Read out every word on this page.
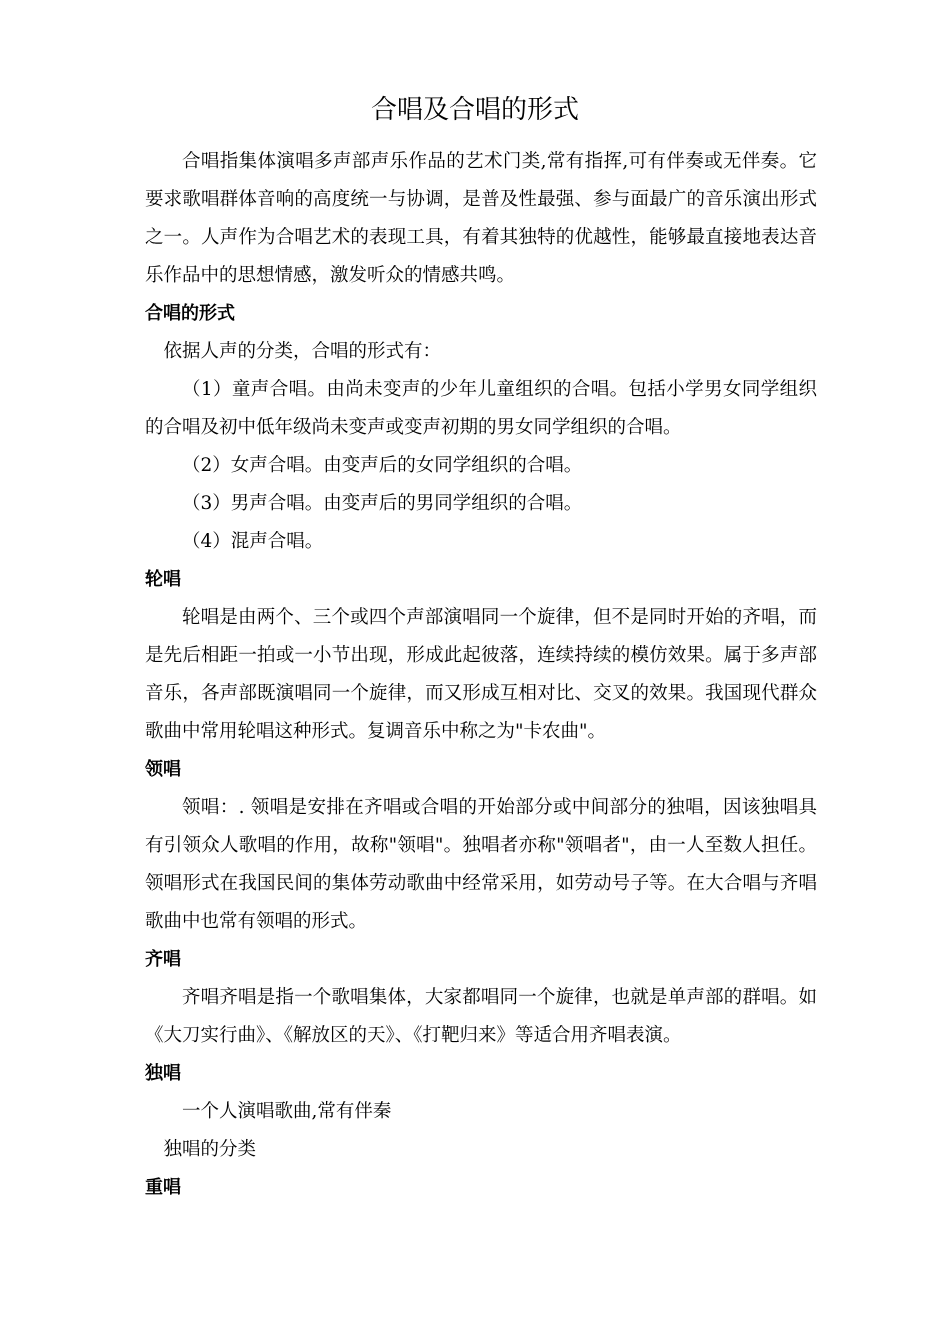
合唱及合唱的形式

合唱指集体演唱多声部声乐作品的艺术门类,常有指挥,可有伴奏或无伴奏。它要求歌唱群体音响的高度统一与协调，是普及性最强、参与面最广的音乐演出形式之一。人声作为合唱艺术的表现工具，有着其独特的优越性，能够最直接地表达音乐作品中的思想情感，激发听众的情感共鸣。

合唱的形式

依据人声的分类，合唱的形式有：

（1）童声合唱。由尚未变声的少年儿童组织的合唱。包括小学男女同学组织的合唱及初中低年级尚未变声或变声初期的男女同学组织的合唱。

（2）女声合唱。由变声后的女同学组织的合唱。

（3）男声合唱。由变声后的男同学组织的合唱。

（4）混声合唱。

轮唱

轮唱是由两个、三个或四个声部演唱同一个旋律，但不是同时开始的齐唱，而是先后相距一拍或一小节出现，形成此起彼落，连续持续的模仿效果。属于多声部音乐，各声部既演唱同一个旋律，而又形成互相对比、交叉的效果。我国现代群众歌曲中常用轮唱这种形式。复调音乐中称之为"卡农曲"。

领唱

领唱：. 领唱是安排在齐唱或合唱的开始部分或中间部分的独唱，因该独唱具有引领众人歌唱的作用，故称"领唱"。独唱者亦称"领唱者"，由一人至数人担任。领唱形式在我国民间的集体劳动歌曲中经常采用，如劳动号子等。在大合唱与齐唱歌曲中也常有领唱的形式。

齐唱

齐唱齐唱是指一个歌唱集体，大家都唱同一个旋律，也就是单声部的群唱。如《大刀实行曲》、《解放区的天》、《打靶归来》等适合用齐唱表演。

独唱

一个人演唱歌曲,常有伴秦

独唱的分类

重唱
